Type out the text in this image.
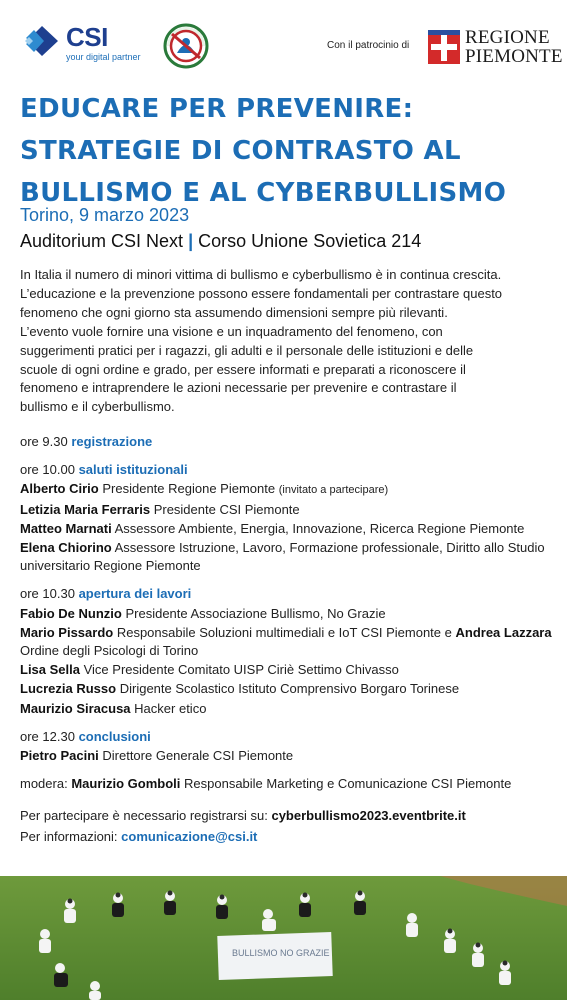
CSI
your digital partner
Con il patrocinio di	REGIONE
PIEMONTE
EDUCARE PER PREVENIRE:
STRATEGIE DI CONTRASTO AL
BULLISMO E AL CYBERBULLISMO
Torino, 9 marzo 2023
Auditorium CSI Next | Corso Unione Sovietica 214
In Italia il numero di minori vittima di bullismo e cyberbullismo è in continua crescita.
L’educazione e la prevenzione possono essere fondamentali per contrastare questo
fenomeno che ogni giorno sta assumendo dimensioni sempre più rilevanti.
L’evento vuole fornire una visione e un inquadramento del fenomeno, con
suggerimenti pratici per i ragazzi, gli adulti e il personale delle istituzioni e delle
scuole di ogni ordine e grado, per essere informati e preparati a riconoscere il
fenomeno e intraprendere le azioni necessarie per prevenire e contrastare il
bullismo e il cyberbullismo.
ore 9.30 registrazione
ore 10.00 saluti istituzionali
Alberto Cirio Presidente Regione Piemonte (invitato a partecipare)
Letizia Maria Ferraris Presidente CSI Piemonte
Matteo Marnati Assessore Ambiente, Energia, Innovazione, Ricerca Regione Piemonte
Elena Chiorino Assessore Istruzione, Lavoro, Formazione professionale, Diritto allo Studio universitario Regione Piemonte
ore 10.30 apertura dei lavori
Fabio De Nunzio Presidente Associazione Bullismo, No Grazie
Mario Pissardo Responsabile Soluzioni multimediali e IoT CSI Piemonte e Andrea Lazzara Ordine degli Psicologi di Torino
Lisa Sella Vice Presidente Comitato UISP Ciriè Settimo Chivasso
Lucrezia Russo Dirigente Scolastico Istituto Comprensivo Borgaro Torinese
Maurizio Siracusa Hacker etico
ore 12.30 conclusioni
Pietro Pacini Direttore Generale CSI Piemonte
modera: Maurizio Gomboli Responsabile Marketing e Comunicazione CSI Piemonte
Per partecipare è necessario registrarsi su: cyberbullismo2023.eventbrite.it
Per informazioni: comunicazione@csi.it
BULLISMO NO GRAZIE
